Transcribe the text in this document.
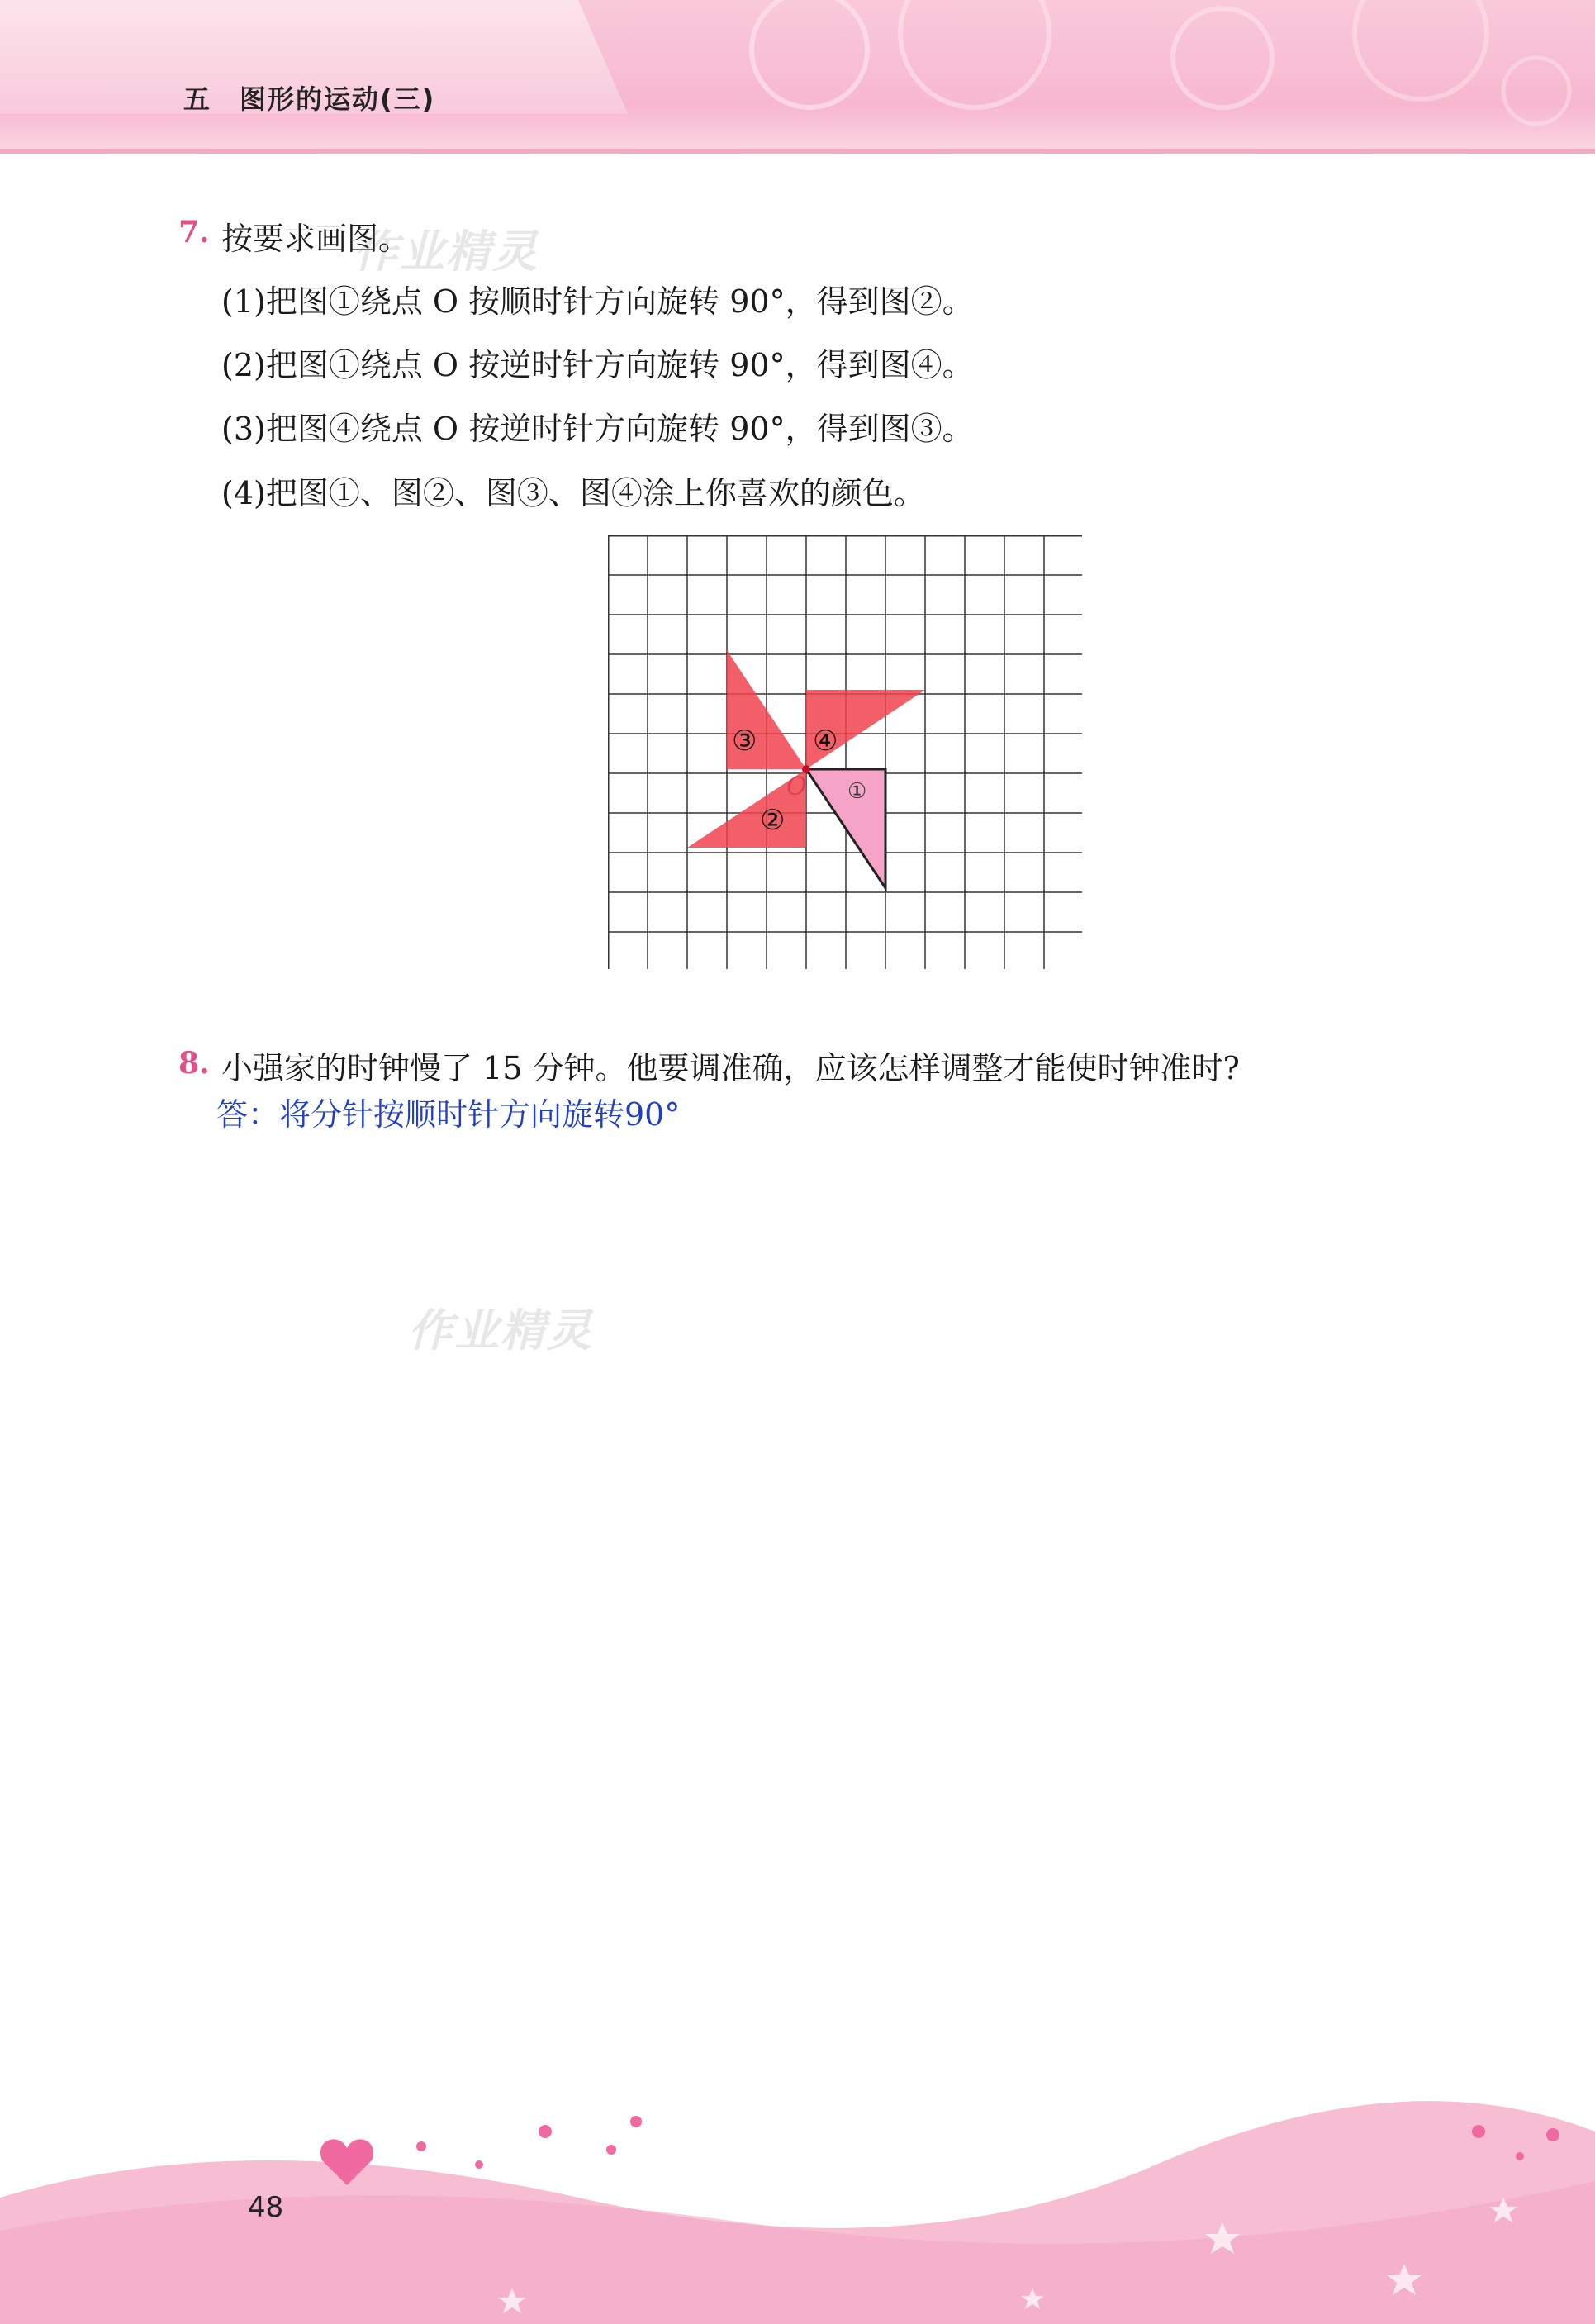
五 图形的运动(三)
7. 按要求画图。
作业精灵
(1)把图①绕点 O 按顺时针方向旋转 90°，得到图②。
(2)把图①绕点 O 按逆时针方向旋转 90°，得到图④。
(3)把图④绕点 O 按逆时针方向旋转 90°，得到图③。
(4)把图①、图②、图③、图④涂上你喜欢的颜色。
O
③ ④
②
①
8. 小强家的时钟慢了 15 分钟。他要调准确，应该怎样调整才能使时钟准时?
答：将分针按顺时针方向旋转90°
作业精灵
48
